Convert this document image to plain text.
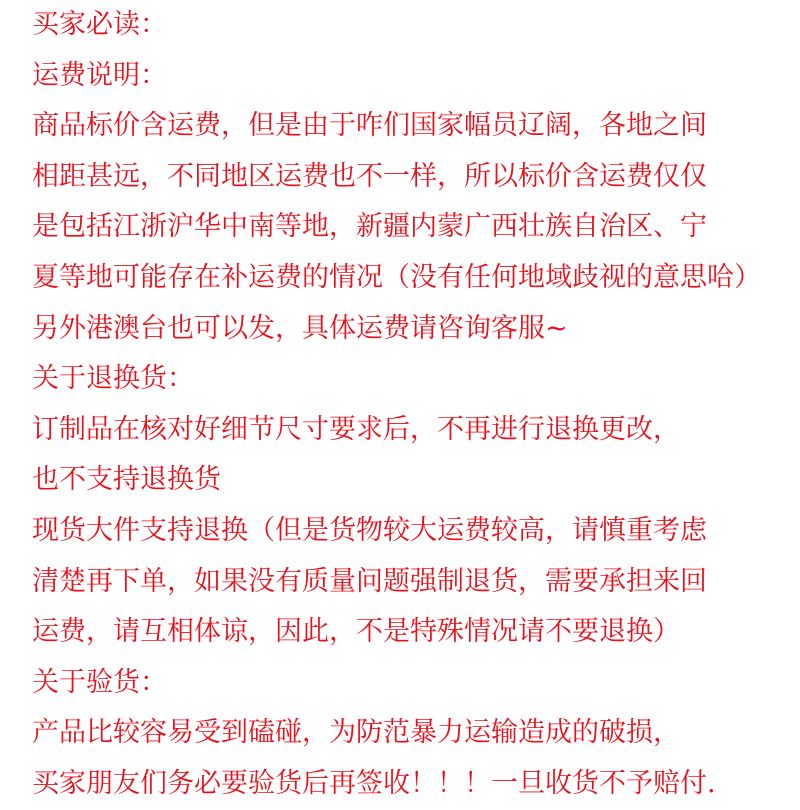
买家必读：
运费说明：
商品标价含运费，但是由于咋们国家幅员辽阔，各地之间
相距甚远，不同地区运费也不一样，所以标价含运费仅仅
是包括江浙沪华中南等地，新疆内蒙广西壮族自治区、宁
夏等地可能存在补运费的情况（没有任何地域歧视的意思哈）
另外港澳台也可以发，具体运费请咨询客服~
关于退换货：
订制品在核对好细节尺寸要求后，不再进行退换更改，
也不支持退换货
现货大件支持退换（但是货物较大运费较高，请慎重考虑
清楚再下单，如果没有质量问题强制退货，需要承担来回
运费，请互相体谅，因此，不是特殊情况请不要退换）
关于验货：
产品比较容易受到磕碰，为防范暴力运输造成的破损，
买家朋友们务必要验货后再签收！！！一旦收货不予赔付.
